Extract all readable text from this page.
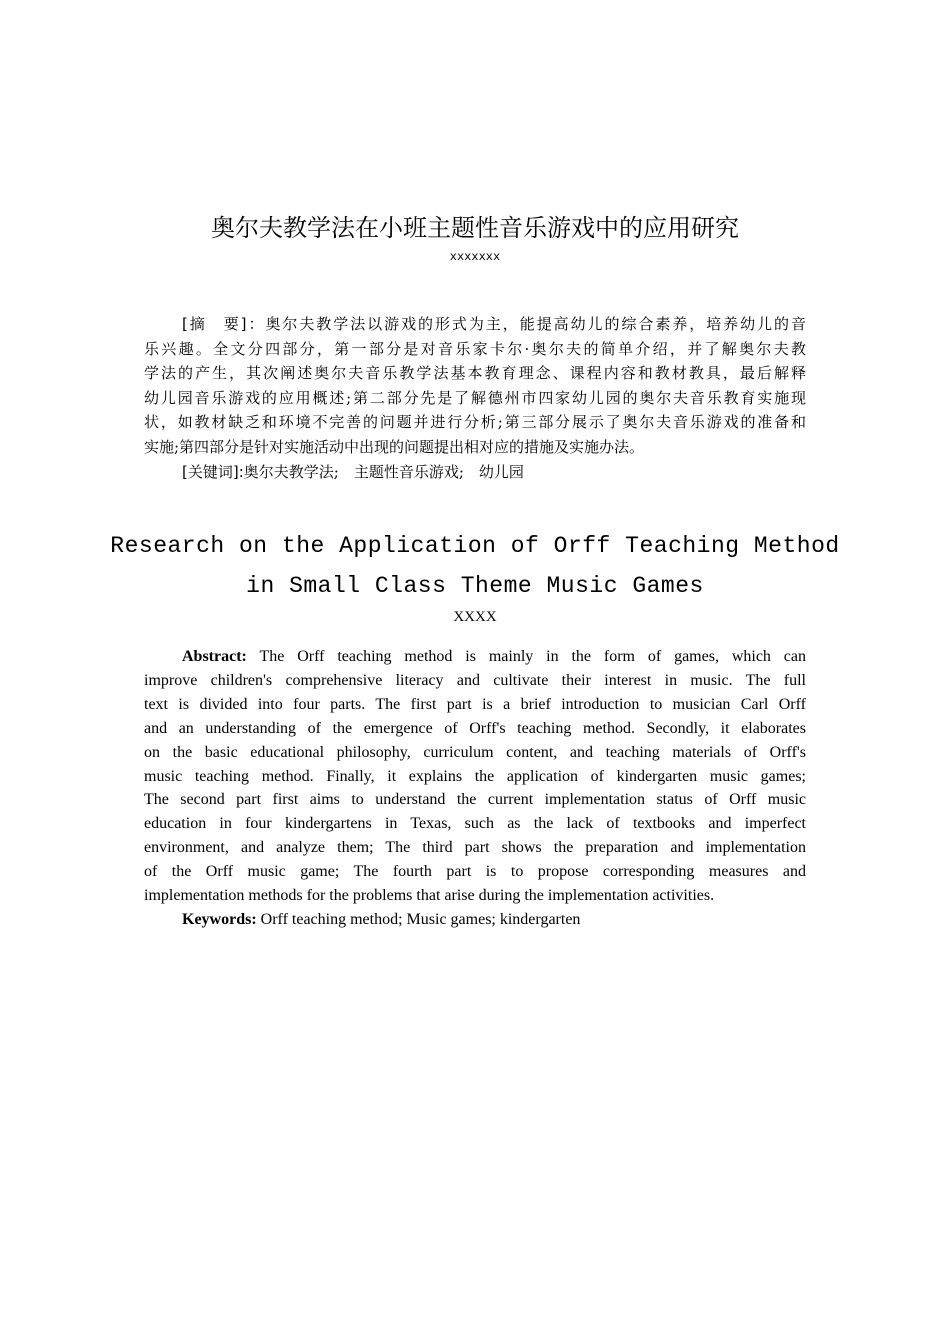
奥尔夫教学法在小班主题性音乐游戏中的应用研究
xxxxxxx
[摘　要]：奥尔夫教学法以游戏的形式为主，能提高幼儿的综合素养，培养幼儿的音
乐兴趣。全文分四部分，第一部分是对音乐家卡尔·奥尔夫的简单介绍，并了解奥尔夫教
学法的产生，其次阐述奥尔夫音乐教学法基本教育理念、课程内容和教材教具，最后解释
幼儿园音乐游戏的应用概述;第二部分先是了解德州市四家幼儿园的奥尔夫音乐教育实施现
状，如教材缺乏和环境不完善的问题并进行分析;第三部分展示了奥尔夫音乐游戏的准备和
实施;第四部分是针对实施活动中出现的问题提出相对应的措施及实施办法。
[关键词]:奥尔夫教学法;　主题性音乐游戏;　幼儿园
Research on the Application of Orff Teaching Method
in Small Class Theme Music Games
XXXX
Abstract: The Orff teaching method is mainly in the form of games, which can
improve children's comprehensive literacy and cultivate their interest in music. The full
text is divided into four parts. The first part is a brief introduction to musician Carl Orff
and an understanding of the emergence of Orff's teaching method. Secondly, it elaborates
on the basic educational philosophy, curriculum content, and teaching materials of Orff's
music teaching method. Finally, it explains the application of kindergarten music games;
The second part first aims to understand the current implementation status of Orff music
education in four kindergartens in Texas, such as the lack of textbooks and imperfect
environment, and analyze them; The third part shows the preparation and implementation
of the Orff music game; The fourth part is to propose corresponding measures and
implementation methods for the problems that arise during the implementation activities.
Keywords: Orff teaching method; Music games; kindergarten
